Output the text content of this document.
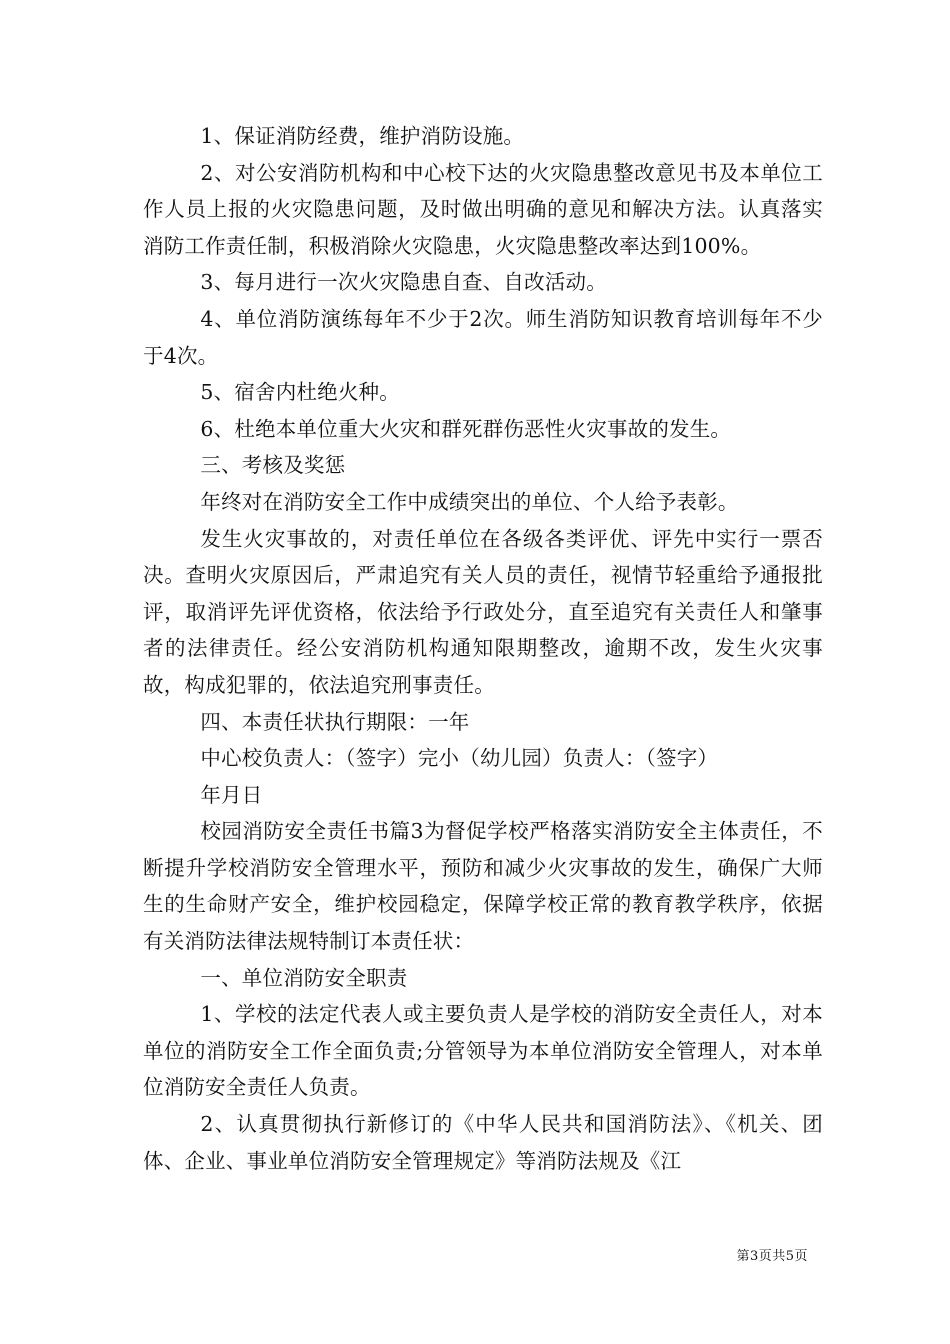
1、保证消防经费，维护消防设施。

2、对公安消防机构和中心校下达的火灾隐患整改意见书及本单位工作人员上报的火灾隐患问题，及时做出明确的意见和解决方法。认真落实消防工作责任制，积极消除火灾隐患，火灾隐患整改率达到100%。

3、每月进行一次火灾隐患自查、自改活动。

4、单位消防演练每年不少于2次。师生消防知识教育培训每年不少于4次。

5、宿舍内杜绝火种。

6、杜绝本单位重大火灾和群死群伤恶性火灾事故的发生。

三、考核及奖惩

年终对在消防安全工作中成绩突出的单位、个人给予表彰。

发生火灾事故的，对责任单位在各级各类评优、评先中实行一票否决。查明火灾原因后，严肃追究有关人员的责任，视情节轻重给予通报批评，取消评先评优资格，依法给予行政处分，直至追究有关责任人和肇事者的法律责任。经公安消防机构通知限期整改，逾期不改，发生火灾事故，构成犯罪的，依法追究刑事责任。

四、本责任状执行期限：一年

中心校负责人：（签字）完小（幼儿园）负责人：（签字）

年月日

校园消防安全责任书篇3为督促学校严格落实消防安全主体责任，不断提升学校消防安全管理水平，预防和减少火灾事故的发生，确保广大师生的生命财产安全，维护校园稳定，保障学校正常的教育教学秩序，依据有关消防法律法规特制订本责任状：

一、单位消防安全职责

1、学校的法定代表人或主要负责人是学校的消防安全责任人，对本单位的消防安全工作全面负责;分管领导为本单位消防安全管理人，对本单位消防安全责任人负责。

2、认真贯彻执行新修订的《中华人民共和国消防法》、《机关、团体、企业、事业单位消防安全管理规定》等消防法规及《江

第3页共5页
